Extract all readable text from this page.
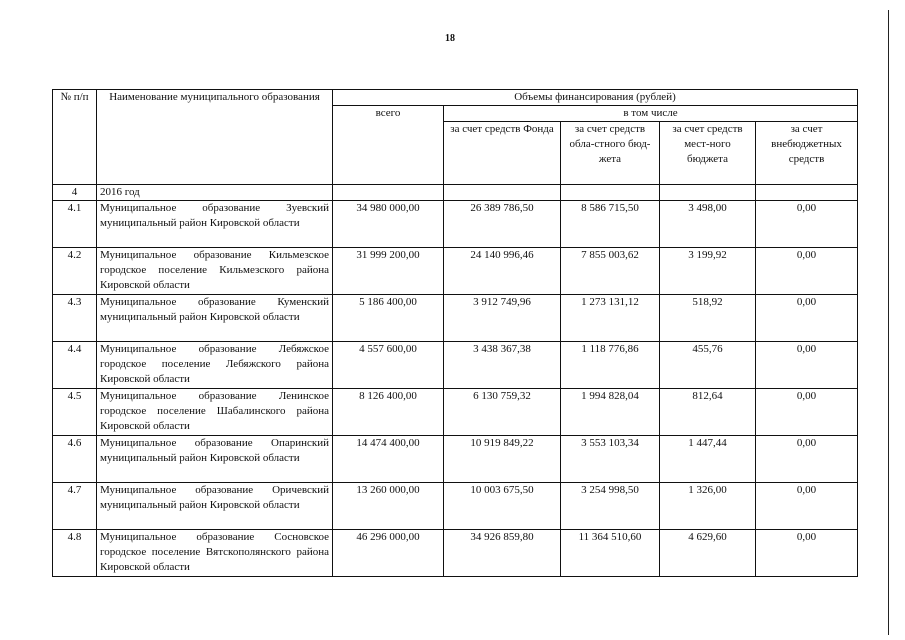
18
№ п/п	Наименование муниципального образования	Объемы финансирования (рублей)				
		всего	в том числе			
			за счет средств Фонда	за счет средств обла-стного бюд-жета	за счет средств мест-ного бюджета	за счет внебюджетных средств
4	2016 год					
4.1	Муниципальное образование Зуевский муниципальный район Кировской области	34 980 000,00	26 389 786,50	8 586 715,50	3 498,00	0,00
4.2	Муниципальное образование Кильмезское городское поселение Кильмезского района Кировской области	31 999 200,00	24 140 996,46	7 855 003,62	3 199,92	0,00
4.3	Муниципальное образование Куменский муниципальный район Кировской области	5 186 400,00	3 912 749,96	1 273 131,12	518,92	0,00
4.4	Муниципальное образование Лебяжское городское поселение Лебяжского района Кировской области	4 557 600,00	3 438 367,38	1 118 776,86	455,76	0,00
4.5	Муниципальное образование Ленинское городское поселение Шабалинского района Кировской области	8 126 400,00	6 130 759,32	1 994 828,04	812,64	0,00
4.6	Муниципальное образование Опаринский муниципальный район Кировской области	14 474 400,00	10 919 849,22	3 553 103,34	1 447,44	0,00
4.7	Муниципальное образование Оричевский муниципальный район Кировской области	13 260 000,00	10 003 675,50	3 254 998,50	1 326,00	0,00
4.8	Муниципальное образование Сосновское городское поселение Вятскополянского района Кировской области	46 296 000,00	34 926 859,80	11 364 510,60	4 629,60	0,00
